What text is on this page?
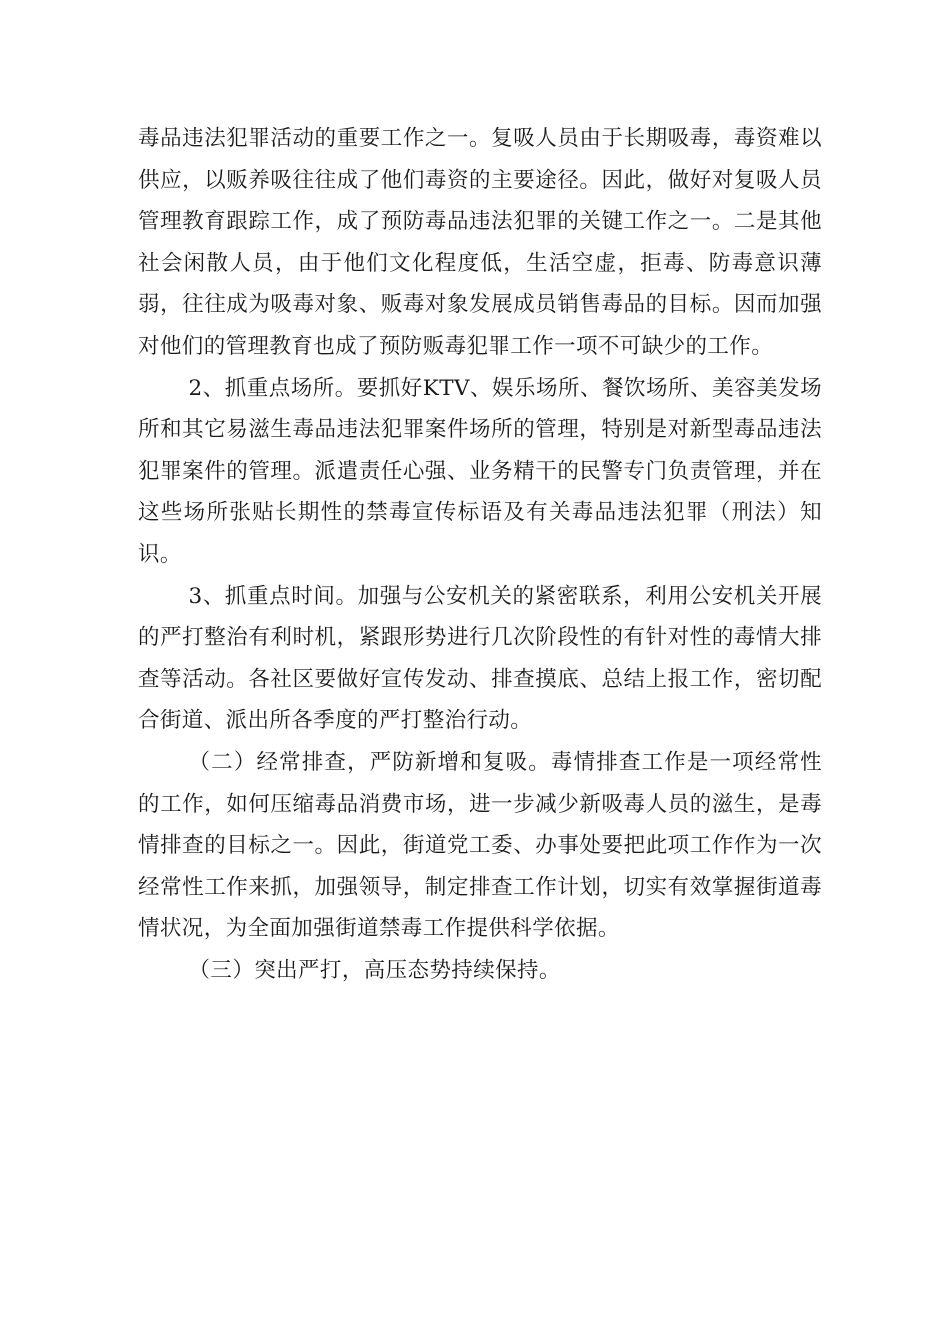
毒品违法犯罪活动的重要工作之一。复吸人员由于长期吸毒，毒资难以供应，以贩养吸往往成了他们毒资的主要途径。因此，做好对复吸人员管理教育跟踪工作，成了预防毒品违法犯罪的关键工作之一。二是其他社会闲散人员，由于他们文化程度低，生活空虚，拒毒、防毒意识薄弱，往往成为吸毒对象、贩毒对象发展成员销售毒品的目标。因而加强对他们的管理教育也成了预防贩毒犯罪工作一项不可缺少的工作。

2、抓重点场所。要抓好KTV、娱乐场所、餐饮场所、美容美发场所和其它易滋生毒品违法犯罪案件场所的管理，特别是对新型毒品违法犯罪案件的管理。派遣责任心强、业务精干的民警专门负责管理，并在这些场所张贴长期性的禁毒宣传标语及有关毒品违法犯罪（刑法）知识。

3、抓重点时间。加强与公安机关的紧密联系，利用公安机关开展的严打整治有利时机，紧跟形势进行几次阶段性的有针对性的毒情大排查等活动。各社区要做好宣传发动、排查摸底、总结上报工作，密切配合街道、派出所各季度的严打整治行动。

（二）经常排查，严防新增和复吸。毒情排查工作是一项经常性的工作，如何压缩毒品消费市场，进一步减少新吸毒人员的滋生，是毒情排查的目标之一。因此，街道党工委、办事处要把此项工作作为一次经常性工作来抓，加强领导，制定排查工作计划，切实有效掌握街道毒情状况，为全面加强街道禁毒工作提供科学依据。

（三）突出严打，高压态势持续保持。
